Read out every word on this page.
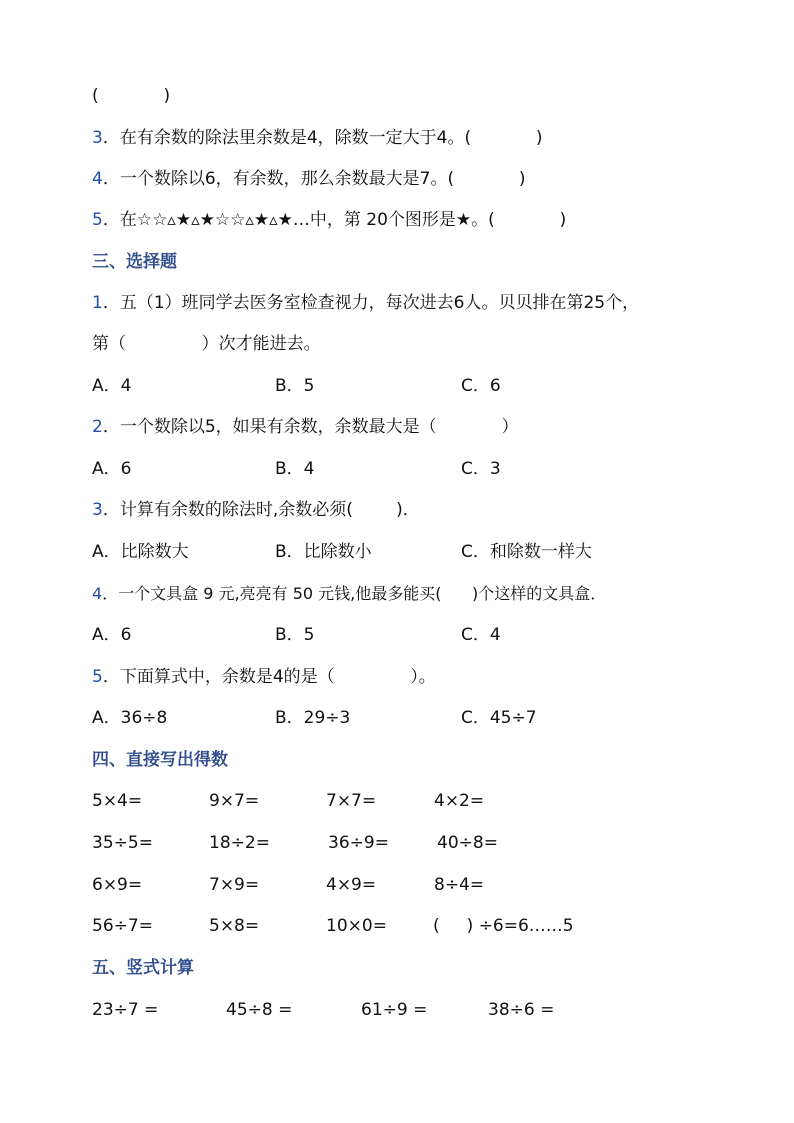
(            )
3．在有余数的除法里余数是4，除数一定大于4。(            )
4．一个数除以6，有余数，那么余数最大是7。(            )
5．在☆☆▵★▵★☆☆▵★▵★…中，第 20个图形是★。(            )
三、选择题
1．五（1）班同学去医务室检查视力，每次进去6人。贝贝排在第25个，
第（              ）次才能进去。
A．4	B．5	C．6
2．一个数除以5，如果有余数，余数最大是（            ）
A．6	B．4	C．3
3．计算有余数的除法时,余数必须(        )．
A．比除数大	B．比除数小	C．和除数一样大
4．一个文具盒 9 元,亮亮有 50 元钱,他最多能买(      )个这样的文具盒．
A．6	B．5	C．4
5．下面算式中，余数是4的是（              ）。
A．36÷8	B．29÷3	C．45÷7
四、直接写出得数
5×4=	9×7=	7×7=	4×2=
35÷5=	18÷2=	36÷9=	40÷8=
6×9=	7×9=	4×9=	8÷4=
56÷7=	5×8=	10×0=	(     ) ÷6=6……5
五、竖式计算
23÷7 =	45÷8 =	61÷9 =	38÷6 =
